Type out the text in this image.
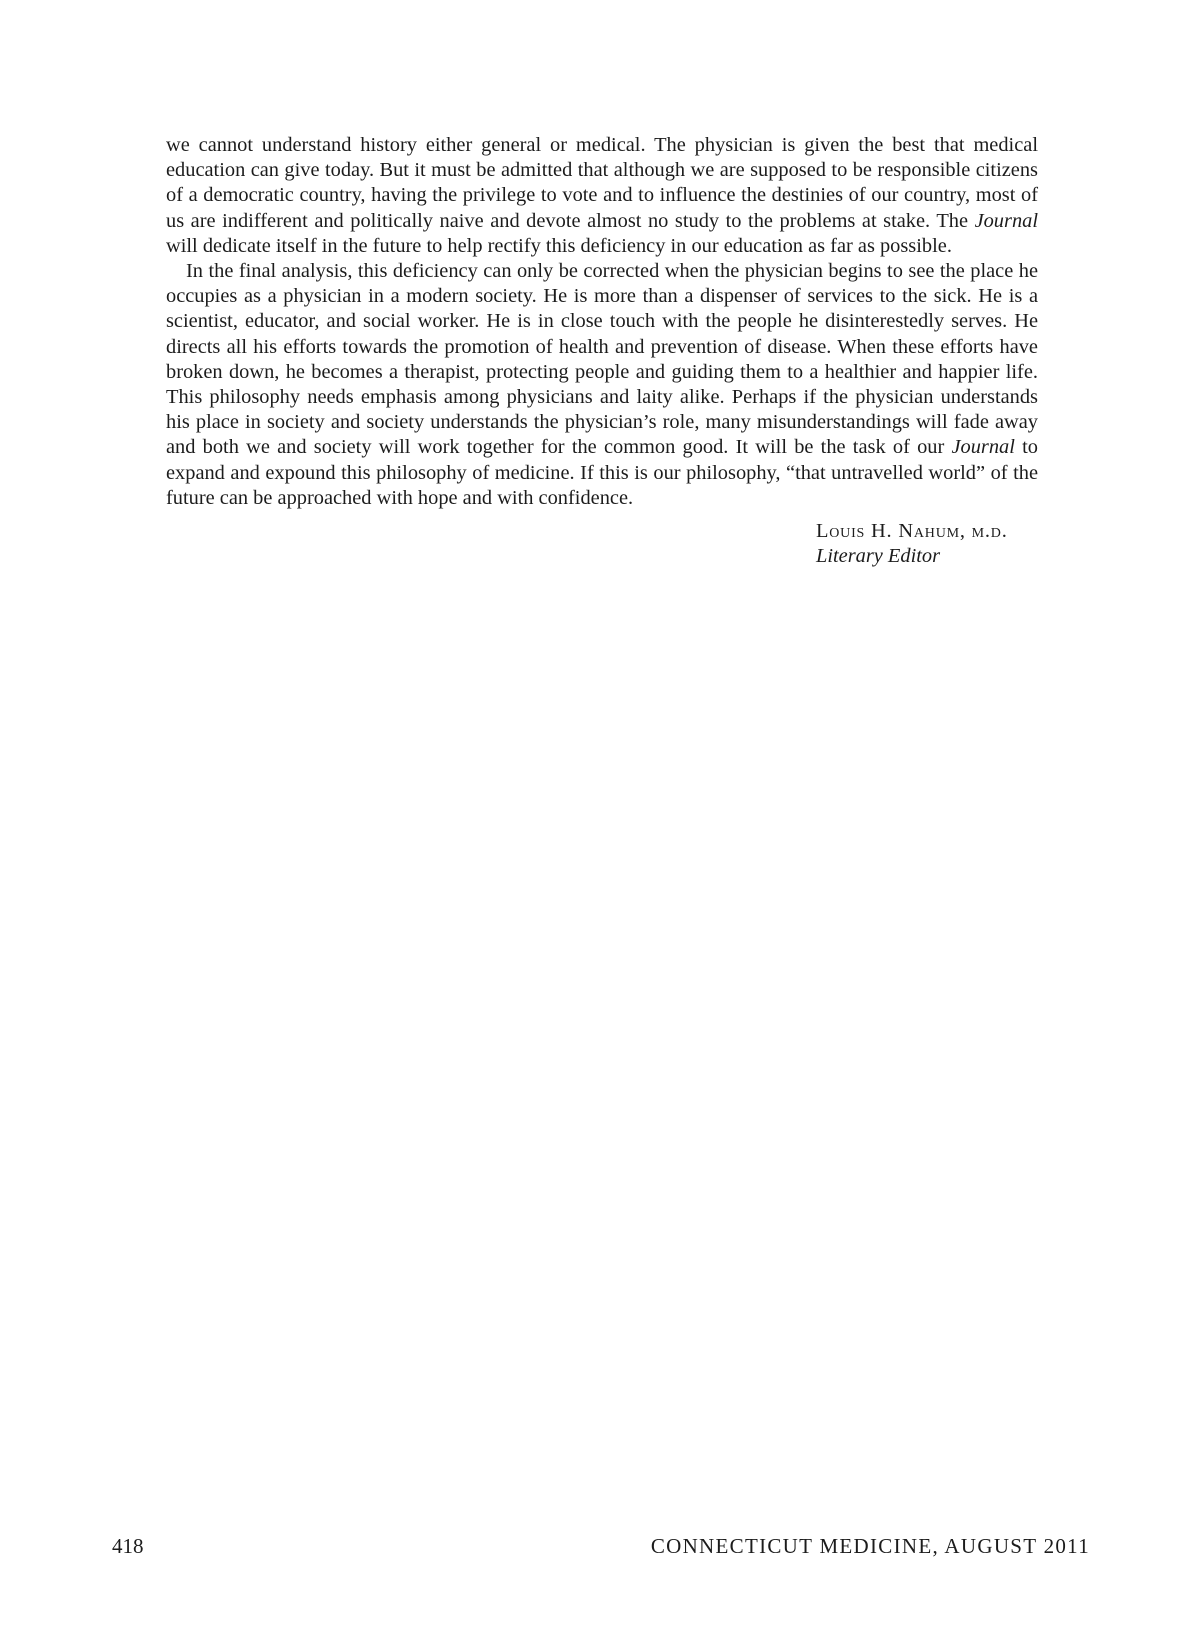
we cannot understand history either general or medical. The physician is given the best that medical education can give today. But it must be admitted that although we are supposed to be responsible citizens of a democratic country, having the privilege to vote and to influence the destinies of our country, most of us are indifferent and politically naive and devote almost no study to the problems at stake. The Journal will dedicate itself in the future to help rectify this deficiency in our education as far as possible.

In the final analysis, this deficiency can only be corrected when the physician begins to see the place he occupies as a physician in a modern society. He is more than a dispenser of services to the sick. He is a scientist, educator, and social worker. He is in close touch with the people he disinterestedly serves. He directs all his efforts towards the promotion of health and prevention of disease. When these efforts have broken down, he becomes a therapist, protecting people and guiding them to a healthier and happier life. This philosophy needs emphasis among physicians and laity alike. Perhaps if the physician understands his place in society and society understands the physician’s role, many misunderstandings will fade away and both we and society will work together for the common good. It will be the task of our Journal to expand and expound this philosophy of medicine. If this is our philosophy, “that untravelled world” of the future can be approached with hope and with confidence.

Louis H. Nahum, m.d.
Literary Editor
418	CONNECTICUT MEDICINE, AUGUST 2011
